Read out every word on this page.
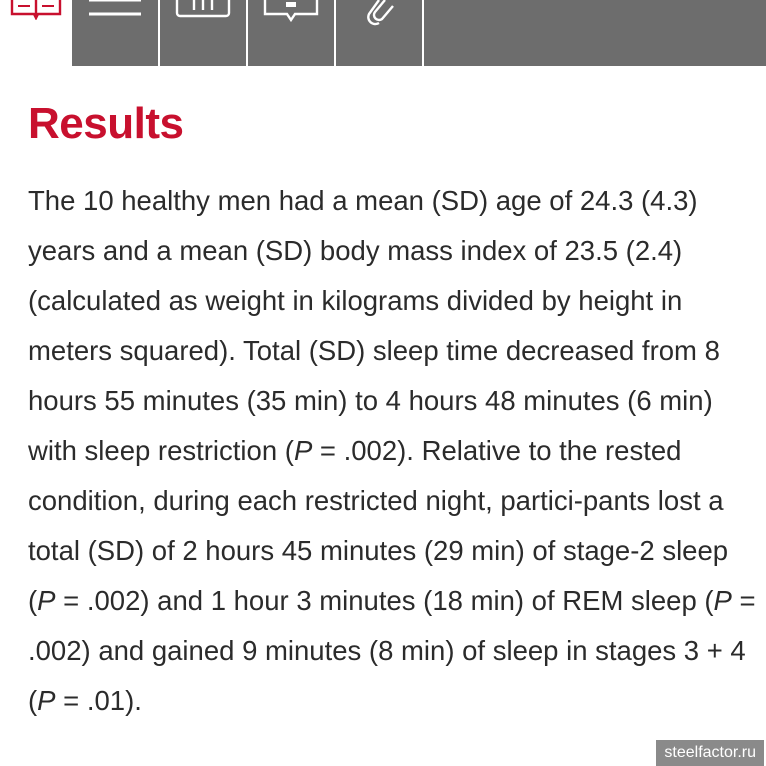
Results

The 10 healthy men had a mean (SD) age of 24.3 (4.3) years and a mean (SD) body mass index of 23.5 (2.4) (calculated as weight in kilograms divided by height in meters squared). Total (SD) sleep time decreased from 8 hours 55 minutes (35 min) to 4 hours 48 minutes (6 min) with sleep restriction (P = .002). Relative to the rested condition, during each restricted night, partici-pants lost a total (SD) of 2 hours 45 minutes (29 min) of stage-2 sleep (P = .002) and 1 hour 3 minutes (18 min) of REM sleep (P = .002) and gained 9 minutes (8 min) of sleep in stages 3 + 4 (P = .01).

steelfactor.ru
